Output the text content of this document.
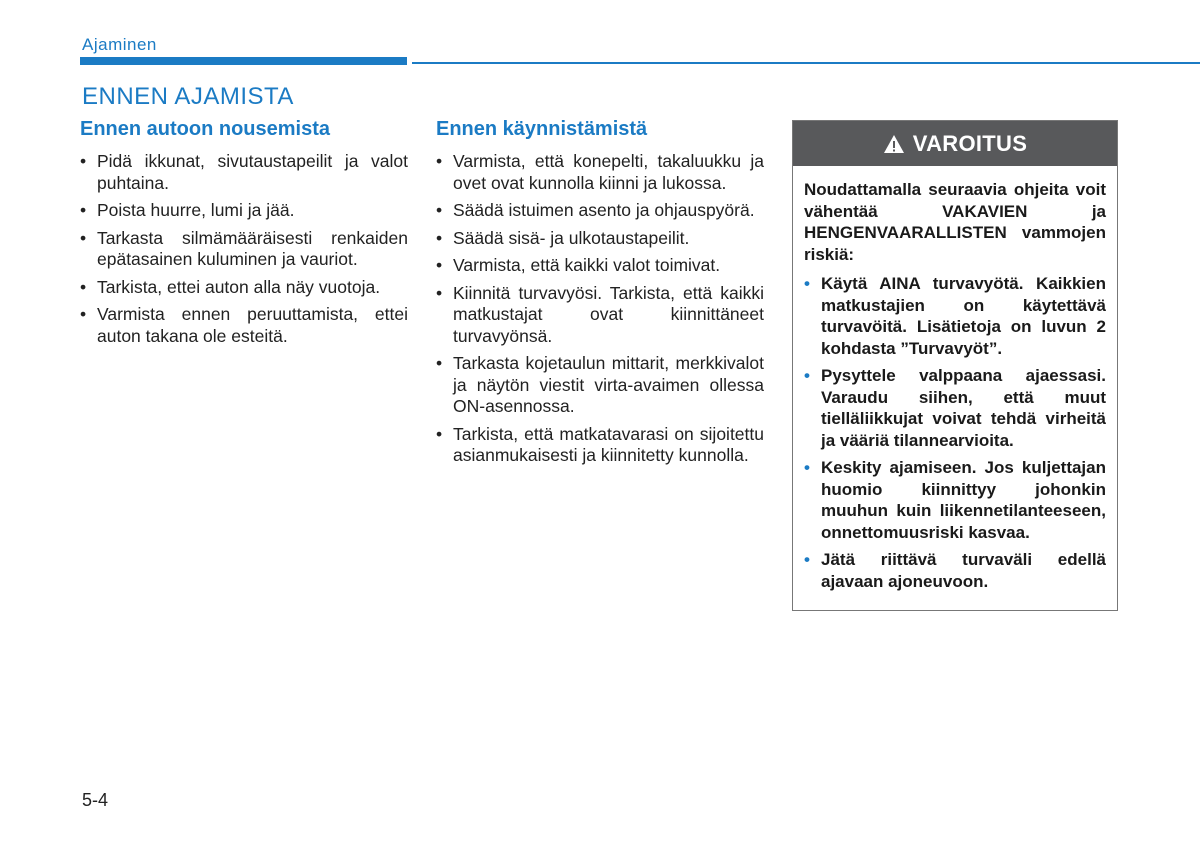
Ajaminen
ENNEN AJAMISTA
Ennen autoon nousemista
• Pidä ikkunat, sivutaustapeilit ja valot puhtaina.
• Poista huurre, lumi ja jää.
• Tarkasta silmämääräisesti renkaiden epätasainen kuluminen ja vauriot.
• Tarkista, ettei auton alla näy vuotoja.
• Varmista ennen peruuttamista, ettei auton takana ole esteitä.
Ennen käynnistämistä
• Varmista, että konepelti, takaluukku ja ovet ovat kunnolla kiinni ja lukossa.
• Säädä istuimen asento ja ohjauspyörä.
• Säädä sisä- ja ulkotaustapeilit.
• Varmista, että kaikki valot toimivat.
• Kiinnitä turvavyösi. Tarkista, että kaikki matkustajat ovat kiinnittäneet turvavyönsä.
• Tarkasta kojetaulun mittarit, merkkivalot ja näytön viestit virta-avaimen ollessa ON-asennossa.
• Tarkista, että matkatavarasi on sijoitettu asianmukaisesti ja kiinnitetty kunnolla.
VAROITUS

Noudattamalla seuraavia ohjeita voit vähentää VAKAVIEN ja HENGENVAARALLISTEN vammojen riskiä:

• Käytä AINA turvavyötä. Kaikkien matkustajien on käytettävä turvavöitä. Lisätietoja on luvun 2 kohdasta ”Turvavyöt”.
• Pysyttele valppaana ajaessasi. Varaudu siihen, että muut tielläliikkujat voivat tehdä virheitä ja vääriä tilannearvioita.
• Keskity ajamiseen. Jos kuljettajan huomio kiinnittyy johonkin muuhun kuin liikennetilanteeseen, onnettomuusriski kasvaa.
• Jätä riittävä turvaväli edellä ajavaan ajoneuvoon.
5-4
